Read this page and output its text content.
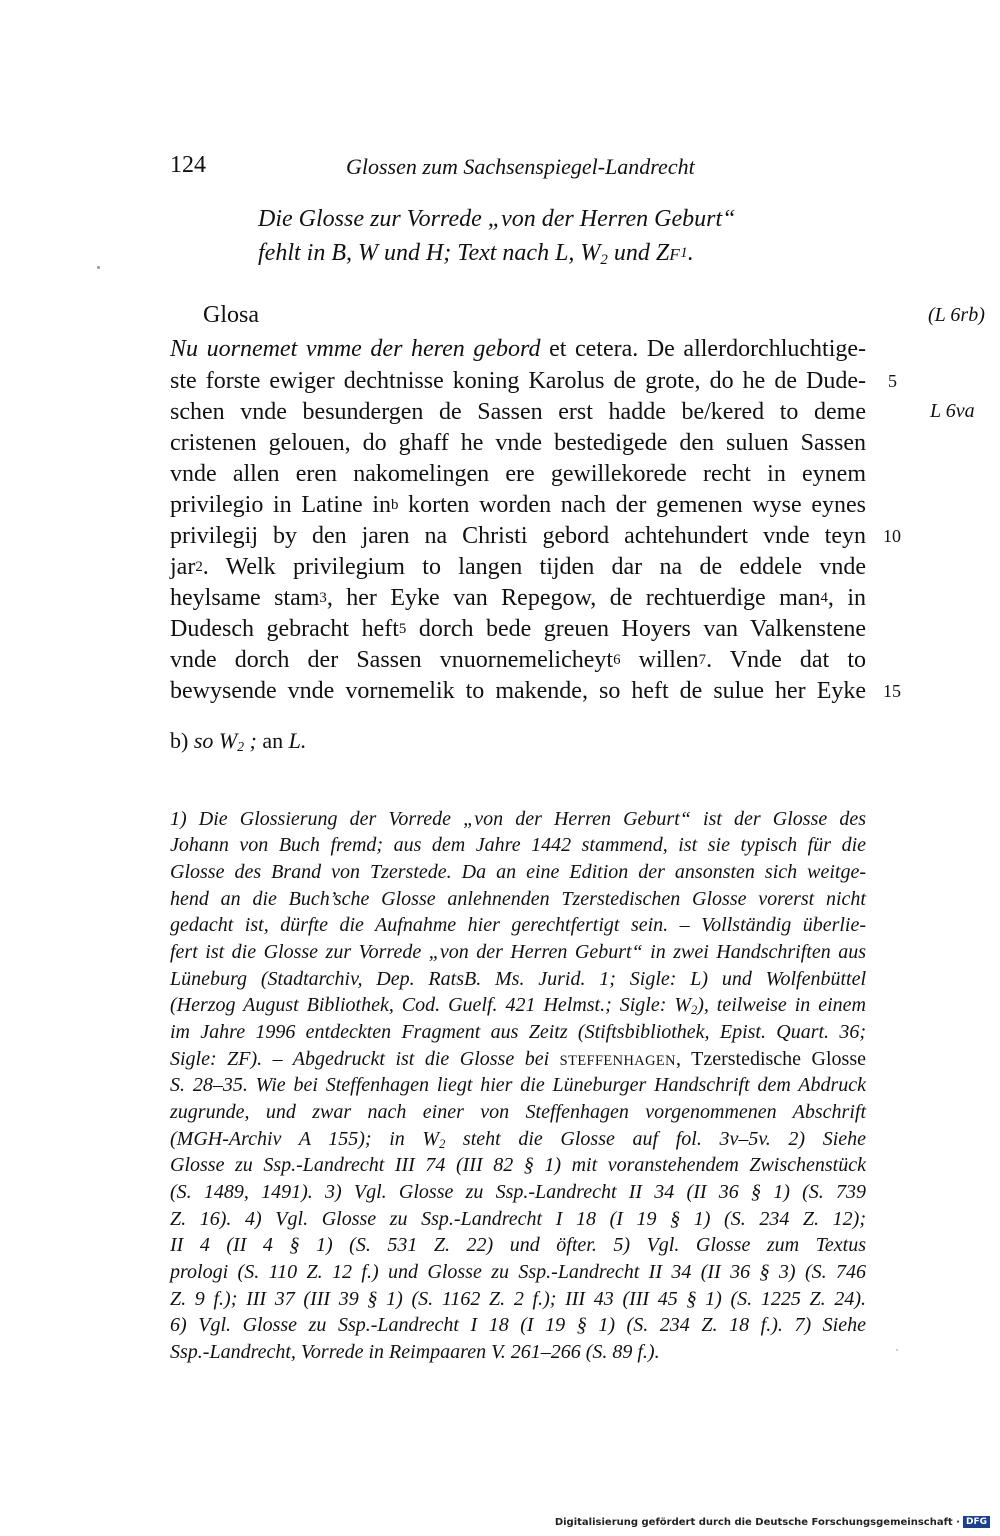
124	Glossen zum Sachsenspiegel-Landrecht
Die Glosse zur Vorrede „von der Herren Geburt“
fehlt in B, W und H; Text nach L, $W_2$ und $ZF^1$.
Glosa	(L 6rb)
Nu uornemet vmme der heren gebord et cetera. De allerdorchluchtige-
ste forste ewiger dechtnisse koning Karolus de grote, do he de Dude-
schen vnde besundergen de Sassen erst hadde be/kered to deme
cristenen gelouen, do ghaff he vnde bestedigede den suluen Sassen
vnde allen eren nakomelingen ere gewillekorede recht in eynem
privilegio in Latine $in^b$ korten worden nach der gemenen wyse eynes
privilegij by den jaren na Christi gebord achtehundert vnde teyn
jar$^2$. Welk privilegium to langen tijden dar na de eddele vnde
heylsame stam$^3$, her Eyke van Repegow, de rechtuerdige man$^4$, in
Dudesch gebracht heft$^5$ dorch bede greuen Hoyers van Valkenstene
vnde dorch der Sassen vnuornemelicheyt$^6$ willen$^7$. Vnde dat to
bewysende vnde vornemelik to makende, so heft de sulue her Eyke
5
L 6va
10
15
b) so $W_2$ ; an L.
1) Die Glossierung der Vorrede „von der Herren Geburt“ ist der Glosse des
Johann von Buch fremd; aus dem Jahre 1442 stammend, ist sie typisch für die
Glosse des Brand von Tzerstede. Da an eine Edition der ansonsten sich weitge-
hend an die Buch’sche Glosse anlehnenden Tzerstedischen Glosse vorerst nicht
gedacht ist, dürfte die Aufnahme hier gerechtfertigt sein. – Vollständig überlie-
fert ist die Glosse zur Vorrede „von der Herren Geburt“ in zwei Handschriften aus
Lüneburg (Stadtarchiv, Dep. RatsB. Ms. Jurid. 1; Sigle: L) und Wolfenbüttel
(Herzog August Bibliothek, Cod. Guelf. 421 Helmst.; Sigle: $W_2$), teilweise in einem
im Jahre 1996 entdeckten Fragment aus Zeitz (Stiftsbibliothek, Epist. Quart. 36;
Sigle: ZF). – Abgedruckt ist die Glosse bei STEFFENHAGEN, Tzerstedische Glosse
S. 28–35. Wie bei Steffenhagen liegt hier die Lüneburger Handschrift dem Abdruck
zugrunde, und zwar nach einer von Steffenhagen vorgenommenen Abschrift
(MGH-Archiv A 155); in $W_2$ steht die Glosse auf fol. 3v–5v. 2) Siehe
Glosse zu Ssp.-Landrecht III 74 (III 82 § 1) mit voranstehendem Zwischenstück
(S. 1489, 1491). 3) Vgl. Glosse zu Ssp.-Landrecht II 34 (II 36 § 1) (S. 739
Z. 16). 4) Vgl. Glosse zu Ssp.-Landrecht I 18 (I 19 § 1) (S. 234 Z. 12);
II 4 (II 4 § 1) (S. 531 Z. 22) und öfter. 5) Vgl. Glosse zum Textus
prologi (S. 110 Z. 12 f.) und Glosse zu Ssp.-Landrecht II 34 (II 36 § 3) (S. 746
Z. 9 f.); III 37 (III 39 § 1) (S. 1162 Z. 2 f.); III 43 (III 45 § 1) (S. 1225 Z. 24).
6) Vgl. Glosse zu Ssp.-Landrecht I 18 (I 19 § 1) (S. 234 Z. 18 f.). 7) Siehe
Ssp.-Landrecht, Vorrede in Reimpaaren V. 261–266 (S. 89 f.).
Digitalisierung gefördert durch die Deutsche Forschungsgemeinschaft · DFG
